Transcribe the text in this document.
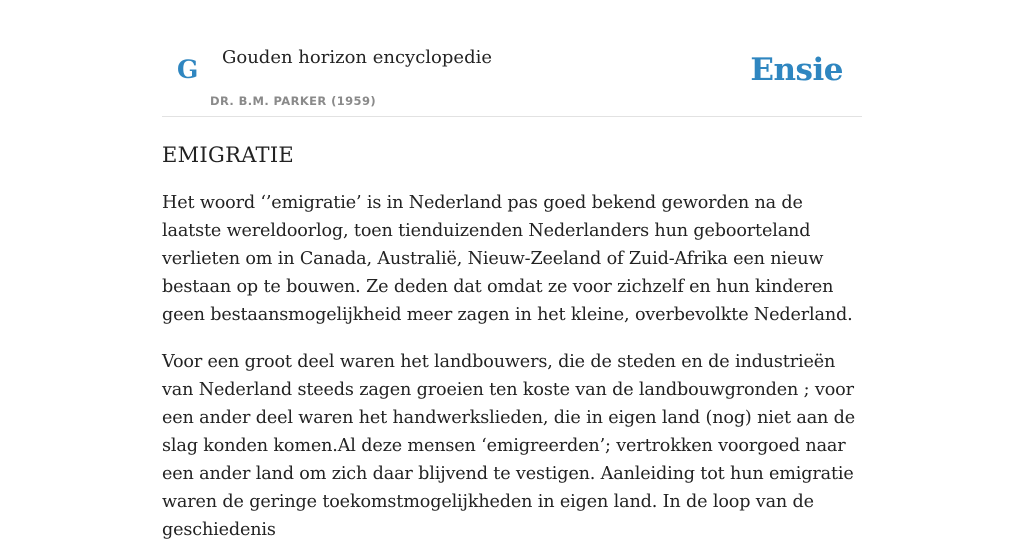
G Gouden horizon encyclopedie
DR. B.M. PARKER (1959)
Ensie
EMIGRATIE

Het woord ‘’emigratie’ is in Nederland pas goed bekend geworden na de laatste wereldoorlog, toen tienduizenden Nederlanders hun geboorteland verlieten om in Canada, Australië, Nieuw-Zeeland of Zuid-Afrika een nieuw bestaan op te bouwen. Ze deden dat omdat ze voor zichzelf en hun kinderen geen bestaansmogelijkheid meer zagen in het kleine, overbevolkte Nederland.

Voor een groot deel waren het landbouwers, die de steden en de industrieën van Nederland steeds zagen groeien ten koste van de landbouwgronden ; voor een ander deel waren het handwerkslieden, die in eigen land (nog) niet aan de slag konden komen.Al deze mensen ‘emigreerden’; vertrokken voorgoed naar een ander land om zich daar blijvend te vestigen. Aanleiding tot hun emigratie waren de geringe toekomstmogelijkheden in eigen land. In de loop van de geschiedenis
